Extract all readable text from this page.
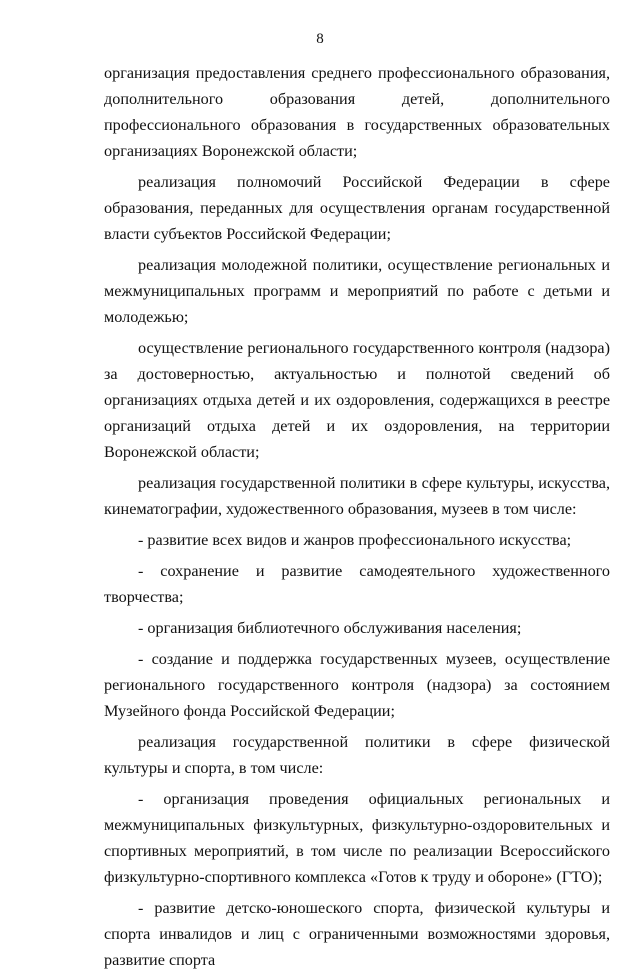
8

организация предоставления среднего профессионального образования, дополнительного образования детей, дополнительного профессионального образования в государственных образовательных организациях Воронежской области;

реализация полномочий Российской Федерации в сфере образования, переданных для осуществления органам государственной власти субъектов Российской Федерации;

реализация молодежной политики, осуществление региональных и межмуниципальных программ и мероприятий по работе с детьми и молодежью;

осуществление регионального государственного контроля (надзора) за достоверностью, актуальностью и полнотой сведений об организациях отдыха детей и их оздоровления, содержащихся в реестре организаций отдыха детей и их оздоровления, на территории Воронежской области;

реализация государственной политики в сфере культуры, искусства, кинематографии, художественного образования, музеев в том числе:

- развитие всех видов и жанров профессионального искусства;

- сохранение и развитие самодеятельного художественного творчества;

- организация библиотечного обслуживания населения;

- создание и поддержка государственных музеев, осуществление регионального государственного контроля (надзора) за состоянием Музейного фонда Российской Федерации;

реализация государственной политики в сфере физической культуры и спорта, в том числе:

- организация проведения официальных региональных и межмуниципальных физкультурных, физкультурно-оздоровительных и спортивных мероприятий, в том числе по реализации Всероссийского физкультурно-спортивного комплекса «Готов к труду и обороне» (ГТО);

- развитие детско-юношеского спорта, физической культуры и спорта инвалидов и лиц с ограниченными возможностями здоровья, развитие спорта
